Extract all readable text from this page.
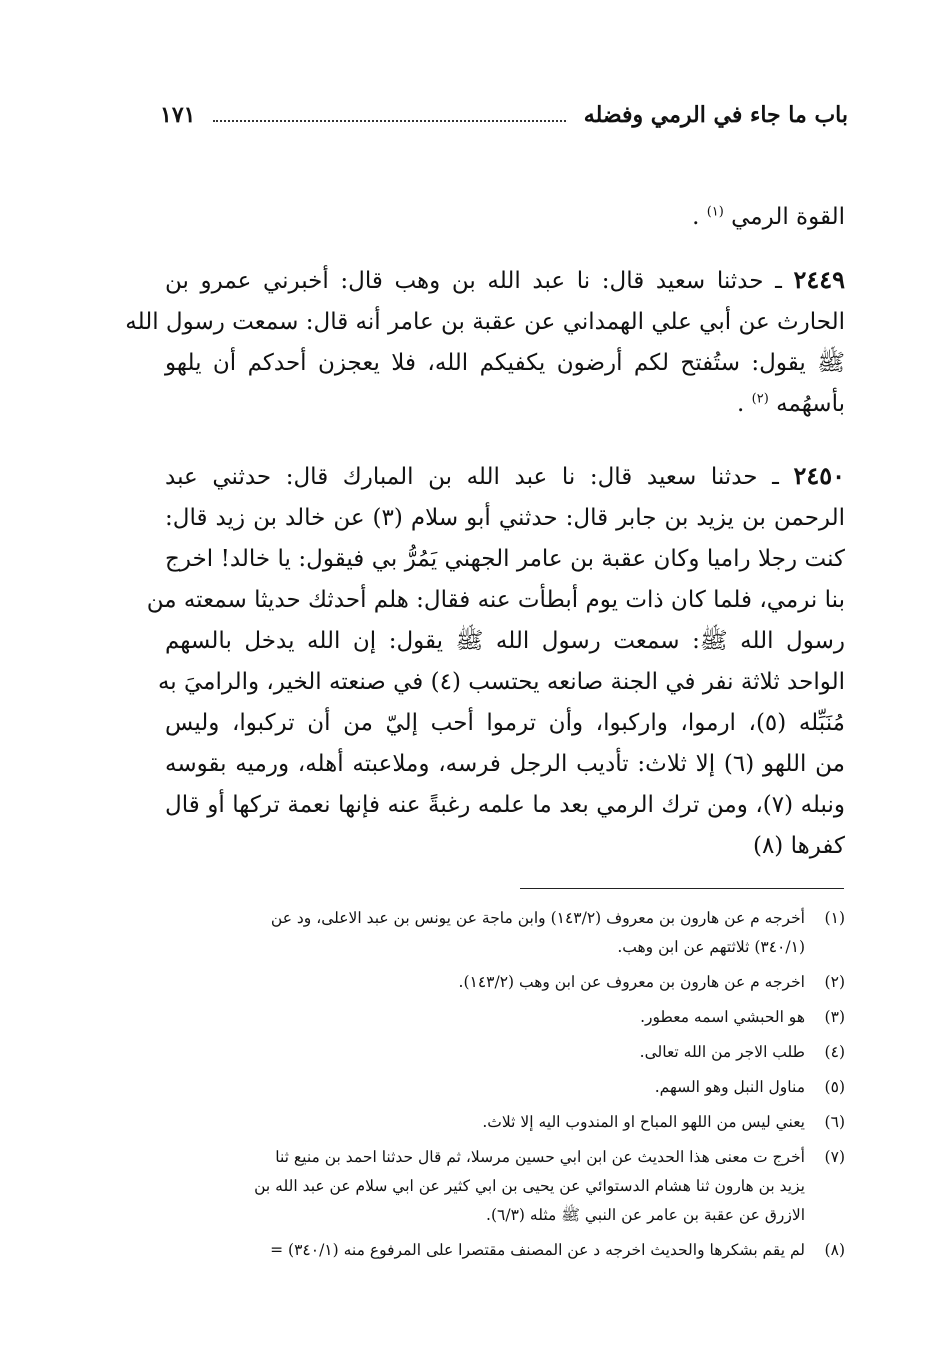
باب ما جاء في الرمي وفضله
١٧١
القوة الرمي $^{(١)}$ .
٢٤٤٩ ـ حدثنا سعيد قال: نا عبد الله بن وهب قال: أخبرني عمرو بن
الحارث عن أبي علي الهمداني عن عقبة بن عامر أنه قال: سمعت رسول الله
ﷺ يقول: ستُفتح لكم أرضون يكفيكم الله، فلا يعجزن أحدكم أن يلهو
بأسهُمه $^{(٢)}$ .
٢٤٥٠ ـ حدثنا سعيد قال: نا عبد الله بن المبارك قال: حدثني عبد
الرحمن بن يزيد بن جابر قال: حدثني أبو سلام (٣) عن خالد بن زيد قال:
كنت رجلا راميا وكان عقبة بن عامر الجهني يَمُرُّ بي فيقول: يا خالد! اخرج
بنا نرمي، فلما كان ذات يوم أبطأت عنه فقال: هلم أحدثك حديثا سمعته من
رسول الله ﷺ: سمعت رسول الله ﷺ يقول: إن الله يدخل بالسهم
الواحد ثلاثة نفر في الجنة صانعه يحتسب (٤) في صنعته الخير، والراميَ به
مُنَبِّله (٥)، ارموا، واركبوا، وأن ترموا أحب إليّ من أن تركبوا، وليس
من اللهو (٦) إلا ثلاث: تأديب الرجل فرسه، وملاعبته أهله، ورميه بقوسه
ونبله (٧)، ومن ترك الرمي بعد ما علمه رغبةً عنه فإنها نعمة تركها أو قال
كفرها (٨)
(١)
أخرجه م عن هارون بن معروف (١٤٣/٢) وابن ماجة عن يونس بن عبد الاعلى، ود عن
(٣٤٠/١) ثلاثتهم عن ابن وهب.
(٢)
اخرجه م عن هارون بن معروف عن ابن وهب (١٤٣/٢).
(٣)
هو الحبشي اسمه معطور.
(٤)
طلب الاجر من الله تعالى.
(٥)
مناول النبل وهو السهم.
(٦)
يعني ليس من اللهو المباح او المندوب اليه إلا ثلاث.
(٧)
أخرج ت معنى هذا الحديث عن ابن ابي حسين مرسلا، ثم قال حدثنا احمد بن منيع ثنا
يزيد بن هارون ثنا هشام الدستوائي عن يحيى بن ابي كثير عن ابي سلام عن عبد الله بن
الازرق عن عقبة بن عامر عن النبي ﷺ مثله (٦/٣).
(٨)
لم يقم بشكرها والحديث اخرجه د عن المصنف مقتصرا على المرفوع منه (٣٤٠/١) =
